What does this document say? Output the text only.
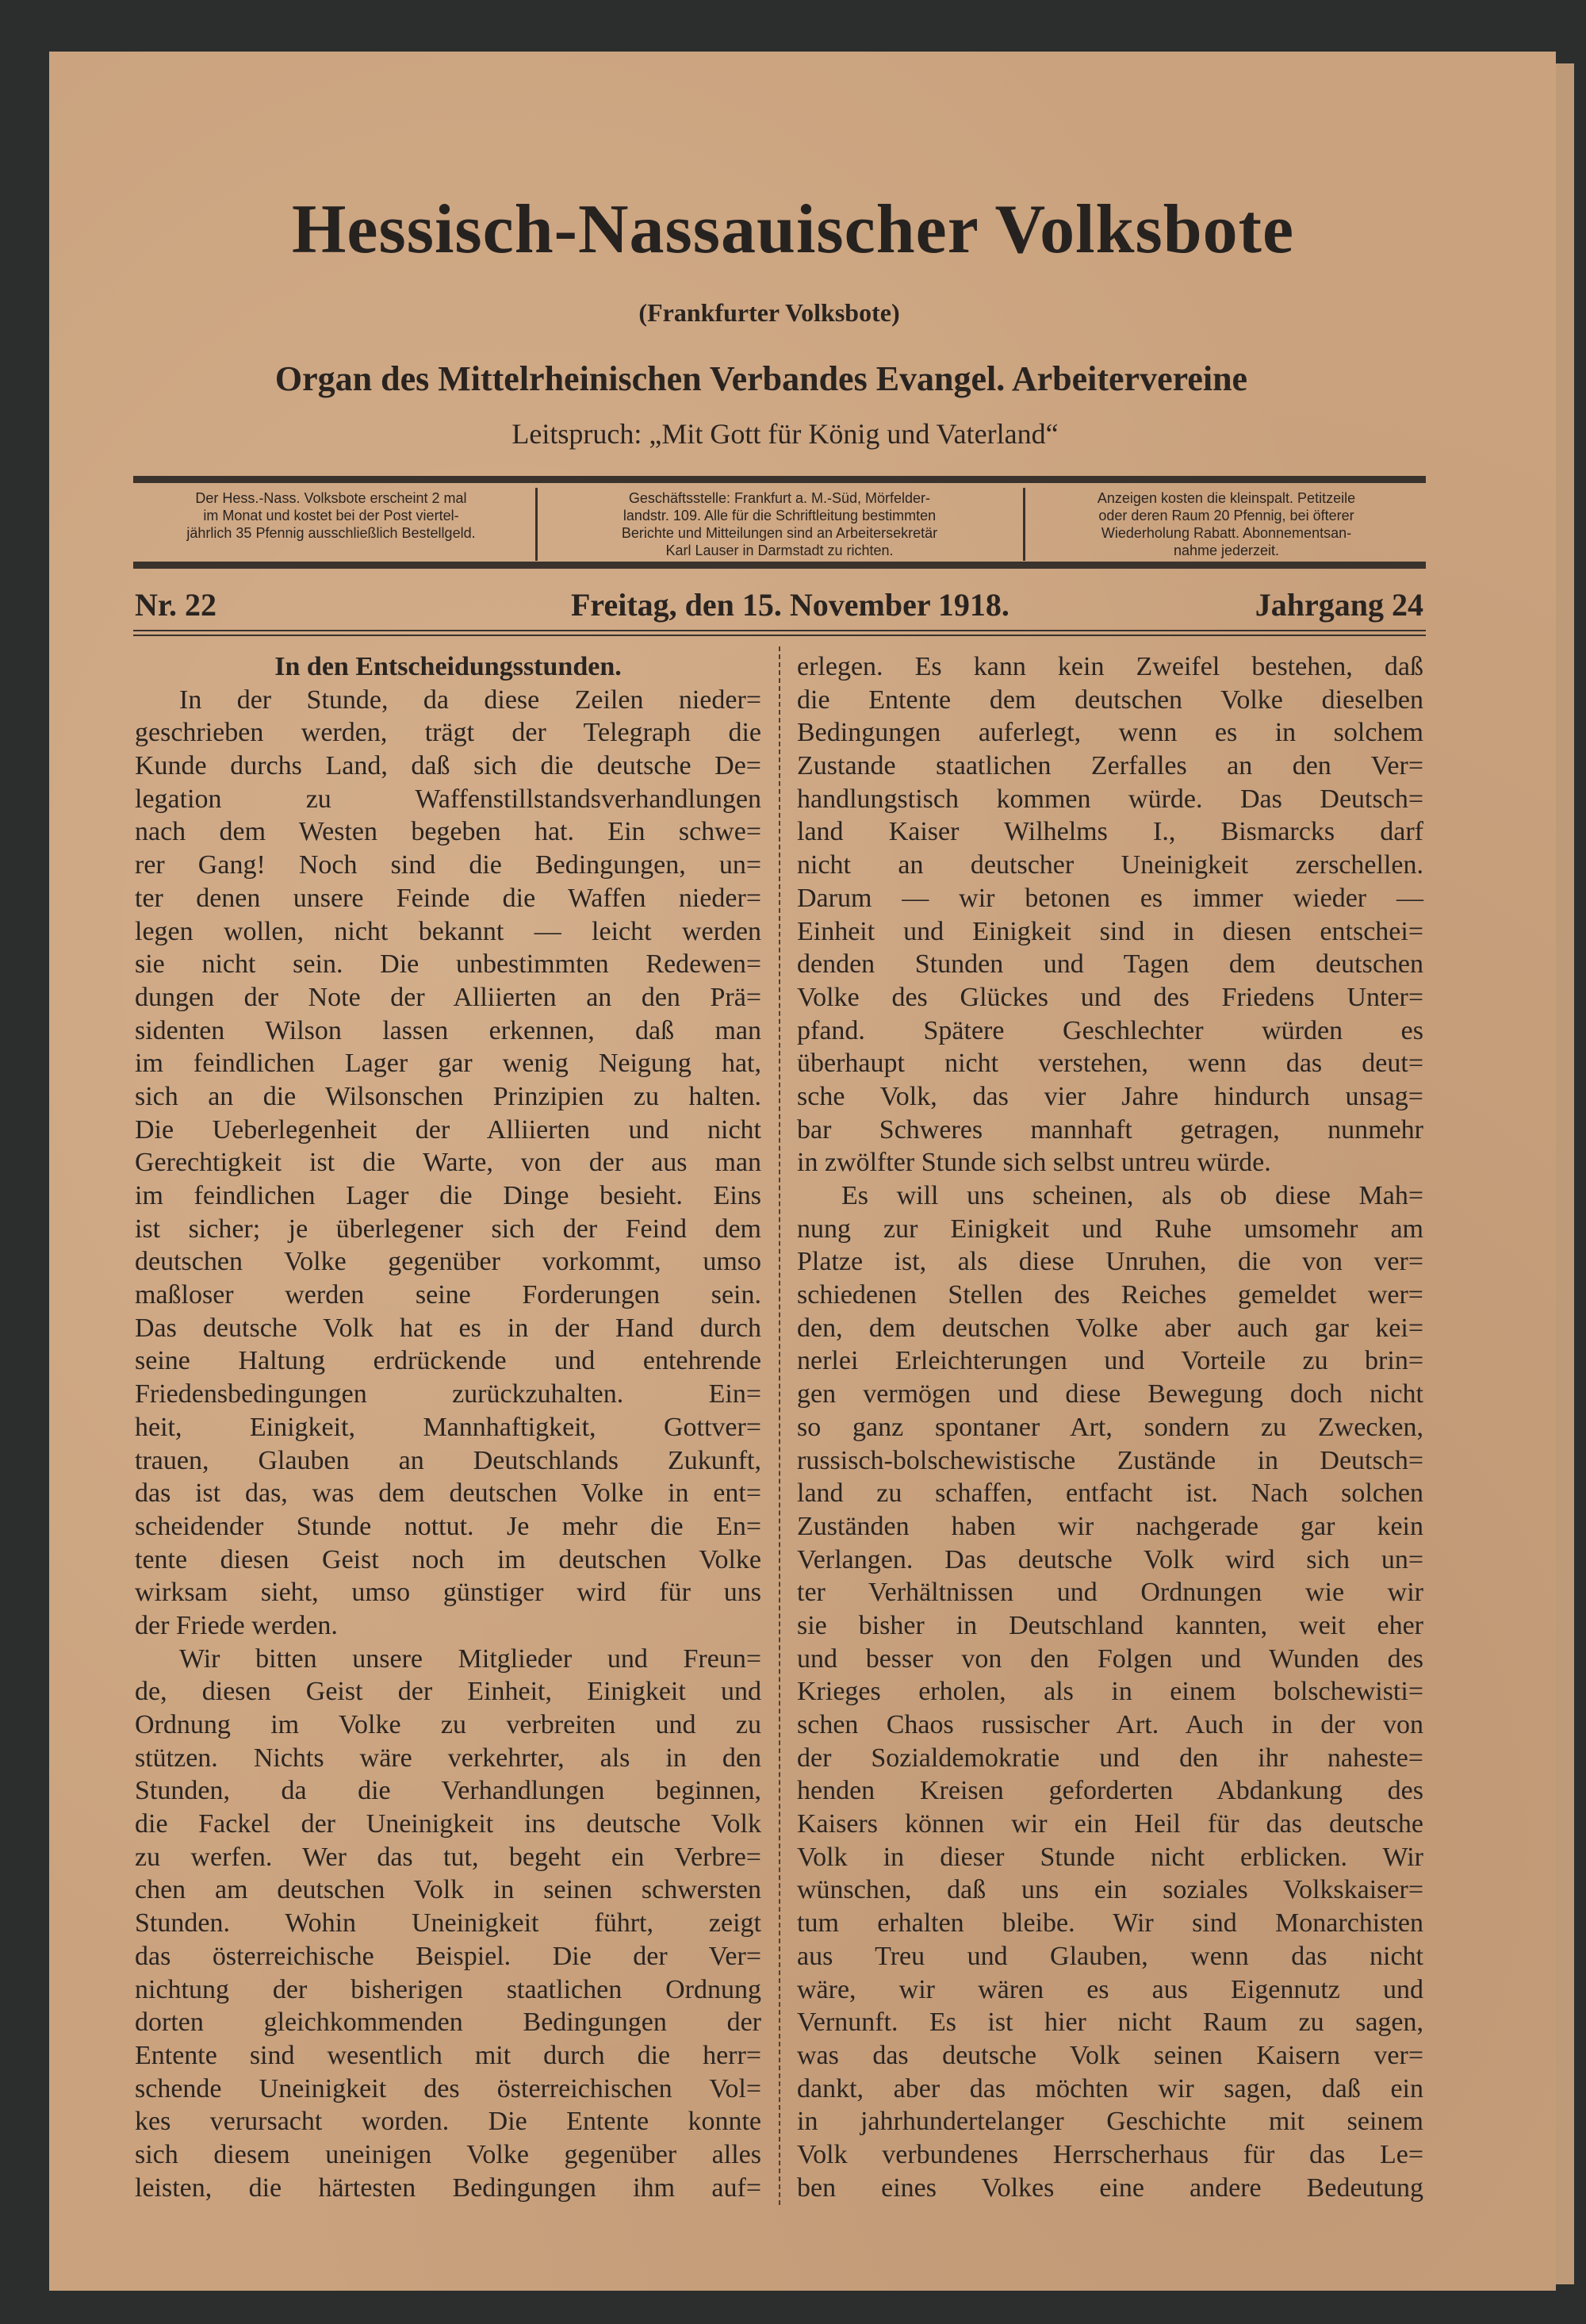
Hessisch-Nassauischer Volksbote
(Frankfurter Volksbote)
Organ des Mittelrheinischen Verbandes Evangel. Arbeitervereine
Leitspruch: „Mit Gott für König und Vaterland“
Der Hess.-Nass. Volksbote erscheint 2 mal
im Monat und kostet bei der Post viertel-
jährlich 35 Pfennig ausschließlich Bestellgeld.
Geschäftsstelle: Frankfurt a. M.-Süd, Mörfelder-
landstr. 109. Alle für die Schriftleitung bestimmten
Berichte und Mitteilungen sind an Arbeitersekretär
Karl Lauser in Darmstadt zu richten.
Anzeigen kosten die kleinspalt. Petitzeile
oder deren Raum 20 Pfennig, bei öfterer
Wiederholung Rabatt. Abonnementsan-
nahme jederzeit.
Nr. 22	Freitag, den 15. November 1918.	Jahrgang 24
In den Entscheidungsstunden.
In der Stunde, da diese Zeilen nieder=
geschrieben werden, trägt der Telegraph die
Kunde durchs Land, daß sich die deutsche De=
legation zu Waffenstillstandsverhandlungen
nach dem Westen begeben hat. Ein schwe=
rer Gang! Noch sind die Bedingungen, un=
ter denen unsere Feinde die Waffen nieder=
legen wollen, nicht bekannt — leicht werden
sie nicht sein. Die unbestimmten Redewen=
dungen der Note der Alliierten an den Prä=
sidenten Wilson lassen erkennen, daß man
im feindlichen Lager gar wenig Neigung hat,
sich an die Wilsonschen Prinzipien zu halten.
Die Ueberlegenheit der Alliierten und nicht
Gerechtigkeit ist die Warte, von der aus man
im feindlichen Lager die Dinge besieht. Eins
ist sicher; je überlegener sich der Feind dem
deutschen Volke gegenüber vorkommt, umso
maßloser werden seine Forderungen sein.
Das deutsche Volk hat es in der Hand durch
seine Haltung erdrückende und entehrende
Friedensbedingungen zurückzuhalten. Ein=
heit, Einigkeit, Mannhaftigkeit, Gottver=
trauen, Glauben an Deutschlands Zukunft,
das ist das, was dem deutschen Volke in ent=
scheidender Stunde nottut. Je mehr die En=
tente diesen Geist noch im deutschen Volke
wirksam sieht, umso günstiger wird für uns
der Friede werden.
Wir bitten unsere Mitglieder und Freun=
de, diesen Geist der Einheit, Einigkeit und
Ordnung im Volke zu verbreiten und zu
stützen. Nichts wäre verkehrter, als in den
Stunden, da die Verhandlungen beginnen,
die Fackel der Uneinigkeit ins deutsche Volk
zu werfen. Wer das tut, begeht ein Verbre=
chen am deutschen Volk in seinen schwersten
Stunden. Wohin Uneinigkeit führt, zeigt
das österreichische Beispiel. Die der Ver=
nichtung der bisherigen staatlichen Ordnung
dorten gleichkommenden Bedingungen der
Entente sind wesentlich mit durch die herr=
schende Uneinigkeit des österreichischen Vol=
kes verursacht worden. Die Entente konnte
sich diesem uneinigen Volke gegenüber alles
leisten, die härtesten Bedingungen ihm auf=
erlegen. Es kann kein Zweifel bestehen, daß
die Entente dem deutschen Volke dieselben
Bedingungen auferlegt, wenn es in solchem
Zustande staatlichen Zerfalles an den Ver=
handlungstisch kommen würde. Das Deutsch=
land Kaiser Wilhelms I., Bismarcks darf
nicht an deutscher Uneinigkeit zerschellen.
Darum — wir betonen es immer wieder —
Einheit und Einigkeit sind in diesen entschei=
denden Stunden und Tagen dem deutschen
Volke des Glückes und des Friedens Unter=
pfand. Spätere Geschlechter würden es
überhaupt nicht verstehen, wenn das deut=
sche Volk, das vier Jahre hindurch unsag=
bar Schweres mannhaft getragen, nunmehr
in zwölfter Stunde sich selbst untreu würde.
Es will uns scheinen, als ob diese Mah=
nung zur Einigkeit und Ruhe umsomehr am
Platze ist, als diese Unruhen, die von ver=
schiedenen Stellen des Reiches gemeldet wer=
den, dem deutschen Volke aber auch gar kei=
nerlei Erleichterungen und Vorteile zu brin=
gen vermögen und diese Bewegung doch nicht
so ganz spontaner Art, sondern zu Zwecken,
russisch-bolschewistische Zustände in Deutsch=
land zu schaffen, entfacht ist. Nach solchen
Zuständen haben wir nachgerade gar kein
Verlangen. Das deutsche Volk wird sich un=
ter Verhältnissen und Ordnungen wie wir
sie bisher in Deutschland kannten, weit eher
und besser von den Folgen und Wunden des
Krieges erholen, als in einem bolschewisti=
schen Chaos russischer Art. Auch in der von
der Sozialdemokratie und den ihr naheste=
henden Kreisen geforderten Abdankung des
Kaisers können wir ein Heil für das deutsche
Volk in dieser Stunde nicht erblicken. Wir
wünschen, daß uns ein soziales Volkskaiser=
tum erhalten bleibe. Wir sind Monarchisten
aus Treu und Glauben, wenn das nicht
wäre, wir wären es aus Eigennutz und
Vernunft. Es ist hier nicht Raum zu sagen,
was das deutsche Volk seinen Kaisern ver=
dankt, aber das möchten wir sagen, daß ein
in jahrhundertelanger Geschichte mit seinem
Volk verbundenes Herrscherhaus für das Le=
ben eines Volkes eine andere Bedeutung
